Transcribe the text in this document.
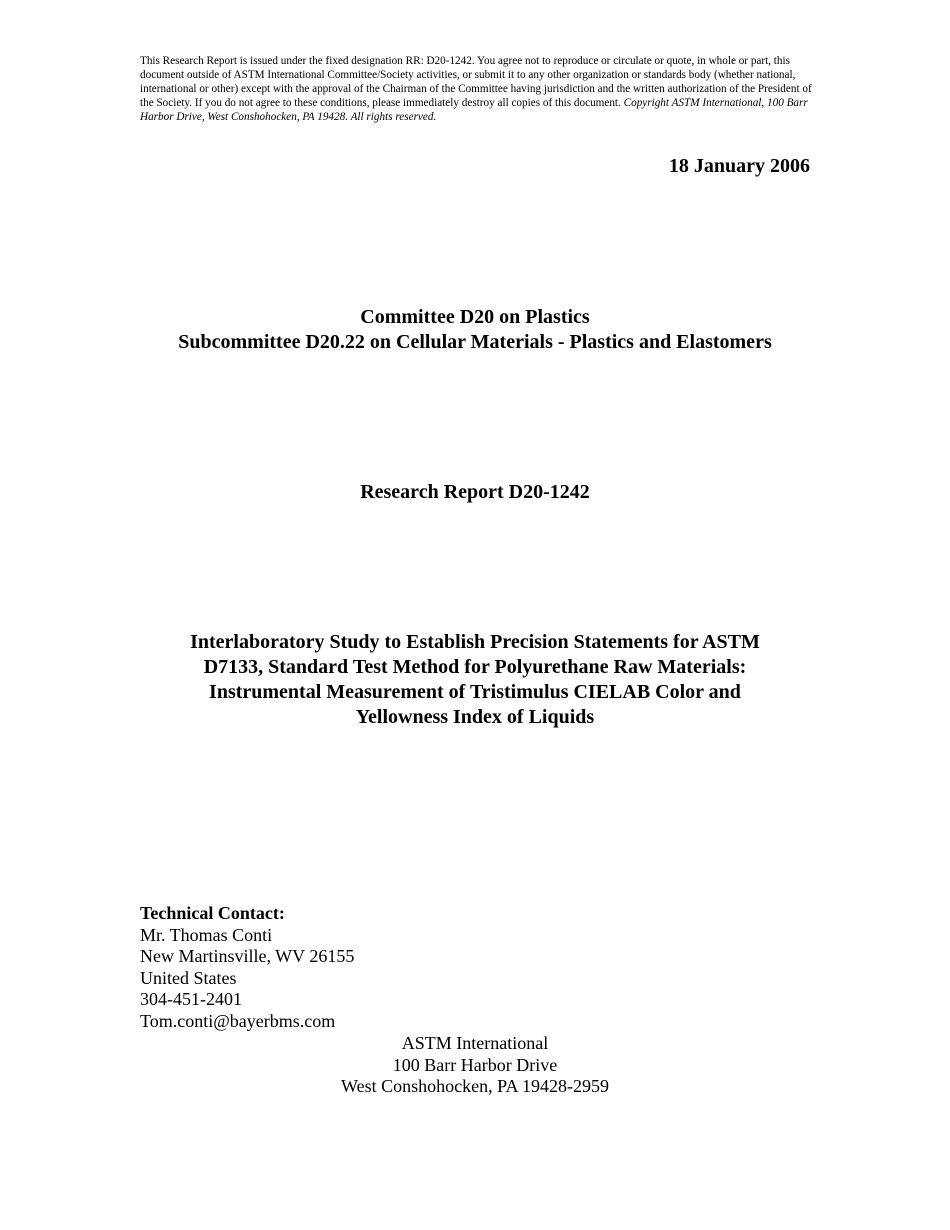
This Research Report is issued under the fixed designation RR: D20-1242. You agree not to reproduce or circulate or quote, in whole or part, this document outside of ASTM International Committee/Society activities, or submit it to any other organization or standards body (whether national, international or other) except with the approval of the Chairman of the Committee having jurisdiction and the written authorization of the President of the Society. If you do not agree to these conditions, please immediately destroy all copies of this document. Copyright ASTM International, 100 Barr Harbor Drive, West Conshohocken, PA 19428. All rights reserved.
18 January 2006
Committee D20 on Plastics
Subcommittee D20.22 on Cellular Materials - Plastics and Elastomers
Research Report D20-1242
Interlaboratory Study to Establish Precision Statements for ASTM
D7133, Standard Test Method for Polyurethane Raw Materials:
Instrumental Measurement of Tristimulus CIELAB Color and
Yellowness Index of Liquids
Technical Contact:
Mr. Thomas Conti
New Martinsville, WV 26155
United States
304-451-2401
Tom.conti@bayerbms.com
ASTM International
100 Barr Harbor Drive
West Conshohocken, PA 19428-2959
